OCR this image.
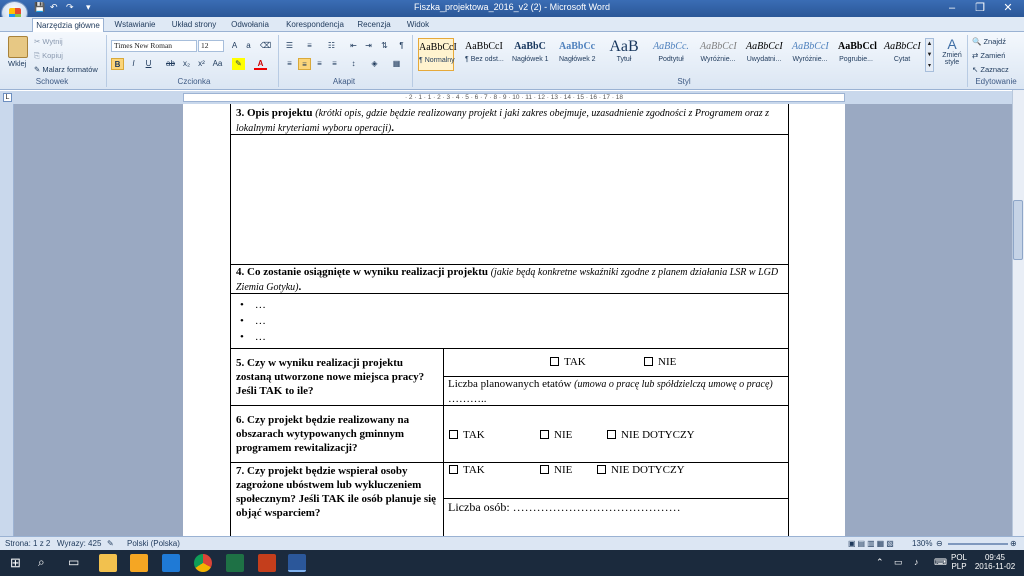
Fiszka_projektowa_2016_v2 (2) - Microsoft Word
💾 ↶ ↷ ▾	–	❐	✕
Narzędzia główne	Wstawianie	Układ strony	Odwołania	Korespondencja	Recenzja	Widok
Wklej
✂ Wytnij
⎘ Kopiuj
✎ Malarz formatów
Schowek
Times New Roman	12	A	a	⌫
B	I	U	ab x₂	x² Aa	✎	A
Czcionka
☰	≡	☷	⇤	⇥	⇅	¶
≡	≡	≡	≡	↕	◈	▦
Akapit
AaBbCcI
¶ Normalny
AaBbCcI
¶ Bez odst...
AaBbC
Nagłówek 1
AaBbCc
Nagłówek 2
AaB
Tytuł
AaBbCc.
Podtytuł
AaBbCcI
Wyróżnie...
AaBbCcI
Uwydatni...
AaBbCcI
Wyróżnie...
AaBbCcl
Pogrubie...
AaBbCcI
Cytat
▲
▼
▾
A
Zmień style
Styl
🔍 Znajdź
⇄ Zamień
↖ Zaznacz
Edytowanie
L	· 2 · 1 · 1 · 2 · 3 · 4 · 5 · 6 · 7 · 8 · 9 · 10 · 11 · 12 · 13 · 14 · 15 · 16 · 17 · 18
3. Opis projektu (krótki opis, gdzie będzie realizowany projekt i jaki zakres obejmuje, uzasadnienie zgodności z Programem oraz z lokalnymi kryteriami wyboru operacji).
4. Co zostanie osiągnięte w wyniku realizacji projektu (jakie będą konkretne wskaźniki zgodne z planem działania LSR w LGD Ziemia Gotyku).
•    …
•    …
•    …
5. Czy w wyniku realizacji projektu zostaną utworzone nowe miejsca pracy? Jeśli TAK to ile?
TAK	NIE
Liczba planowanych etatów (umowa o pracę lub spółdzielczą umowę o pracę) ………..
6. Czy projekt będzie realizowany na obszarach wytypowanych gminnym programem rewitalizacji?
TAK	NIE	NIE DOTYCZY
7. Czy projekt będzie wspierał osoby zagrożone ubóstwem lub wykluczeniem społecznym? Jeśli TAK ile osób planuje się objąć wsparciem?
TAK	NIE	NIE DOTYCZY
Liczba osób: ……………………………………
Strona: 1 z 2 Wyrazy: 425 ✎ Polski (Polska)	▣▤▥▦▧ 130% ⊖	⊕
⊞ ⌕ ▭	⌃ ▭ ♪ ⌨ POL
PLP
09:45
2016-11-02
